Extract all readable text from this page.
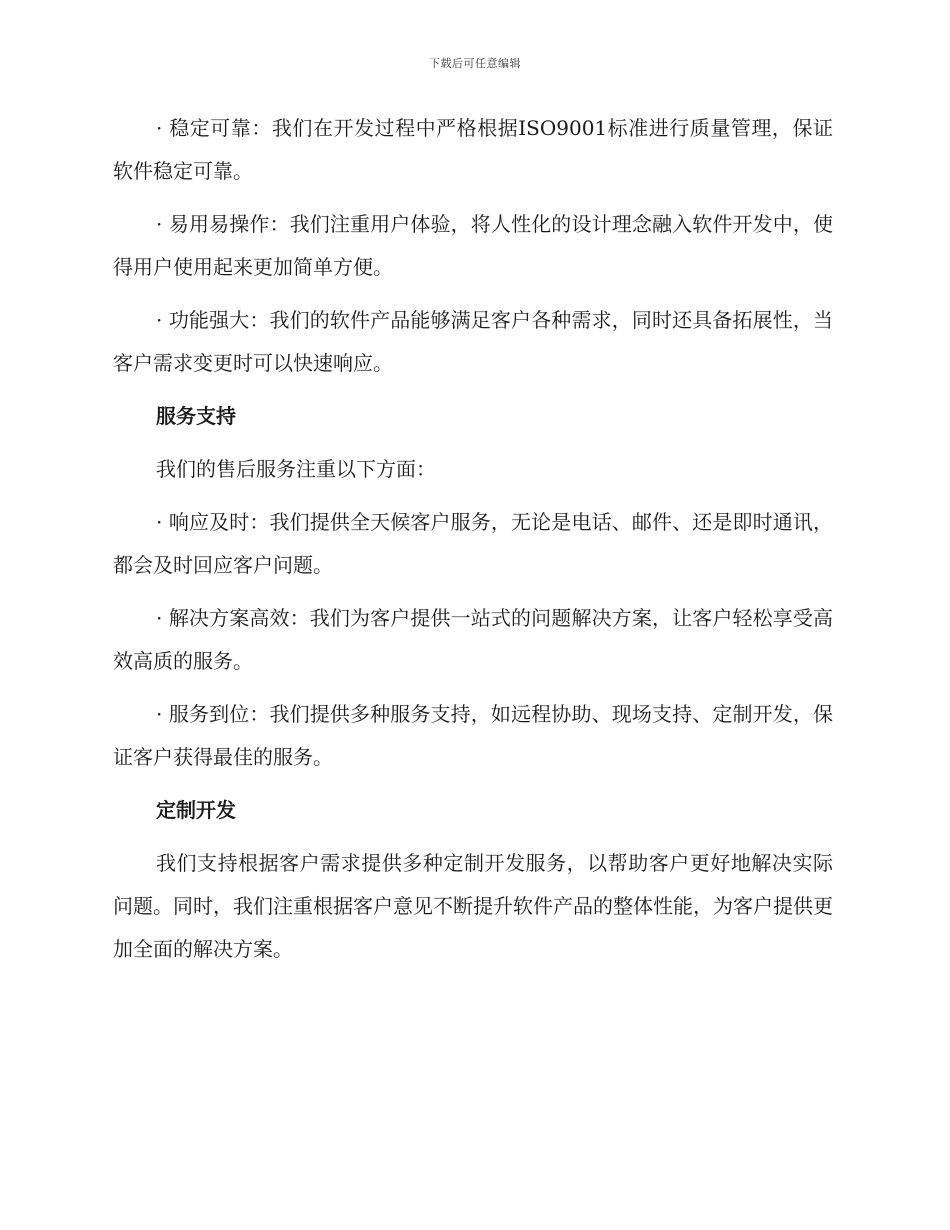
下载后可任意编辑

· 稳定可靠：我们在开发过程中严格根据ISO9001标准进行质量管理，保证软件稳定可靠。

· 易用易操作：我们注重用户体验，将人性化的设计理念融入软件开发中，使得用户使用起来更加简单方便。

· 功能强大：我们的软件产品能够满足客户各种需求，同时还具备拓展性，当客户需求变更时可以快速响应。

服务支持

我们的售后服务注重以下方面：

· 响应及时：我们提供全天候客户服务，无论是电话、邮件、还是即时通讯，都会及时回应客户问题。

· 解决方案高效：我们为客户提供一站式的问题解决方案，让客户轻松享受高效高质的服务。

· 服务到位：我们提供多种服务支持，如远程协助、现场支持、定制开发，保证客户获得最佳的服务。

定制开发

我们支持根据客户需求提供多种定制开发服务，以帮助客户更好地解决实际问题。同时，我们注重根据客户意见不断提升软件产品的整体性能，为客户提供更加全面的解决方案。
